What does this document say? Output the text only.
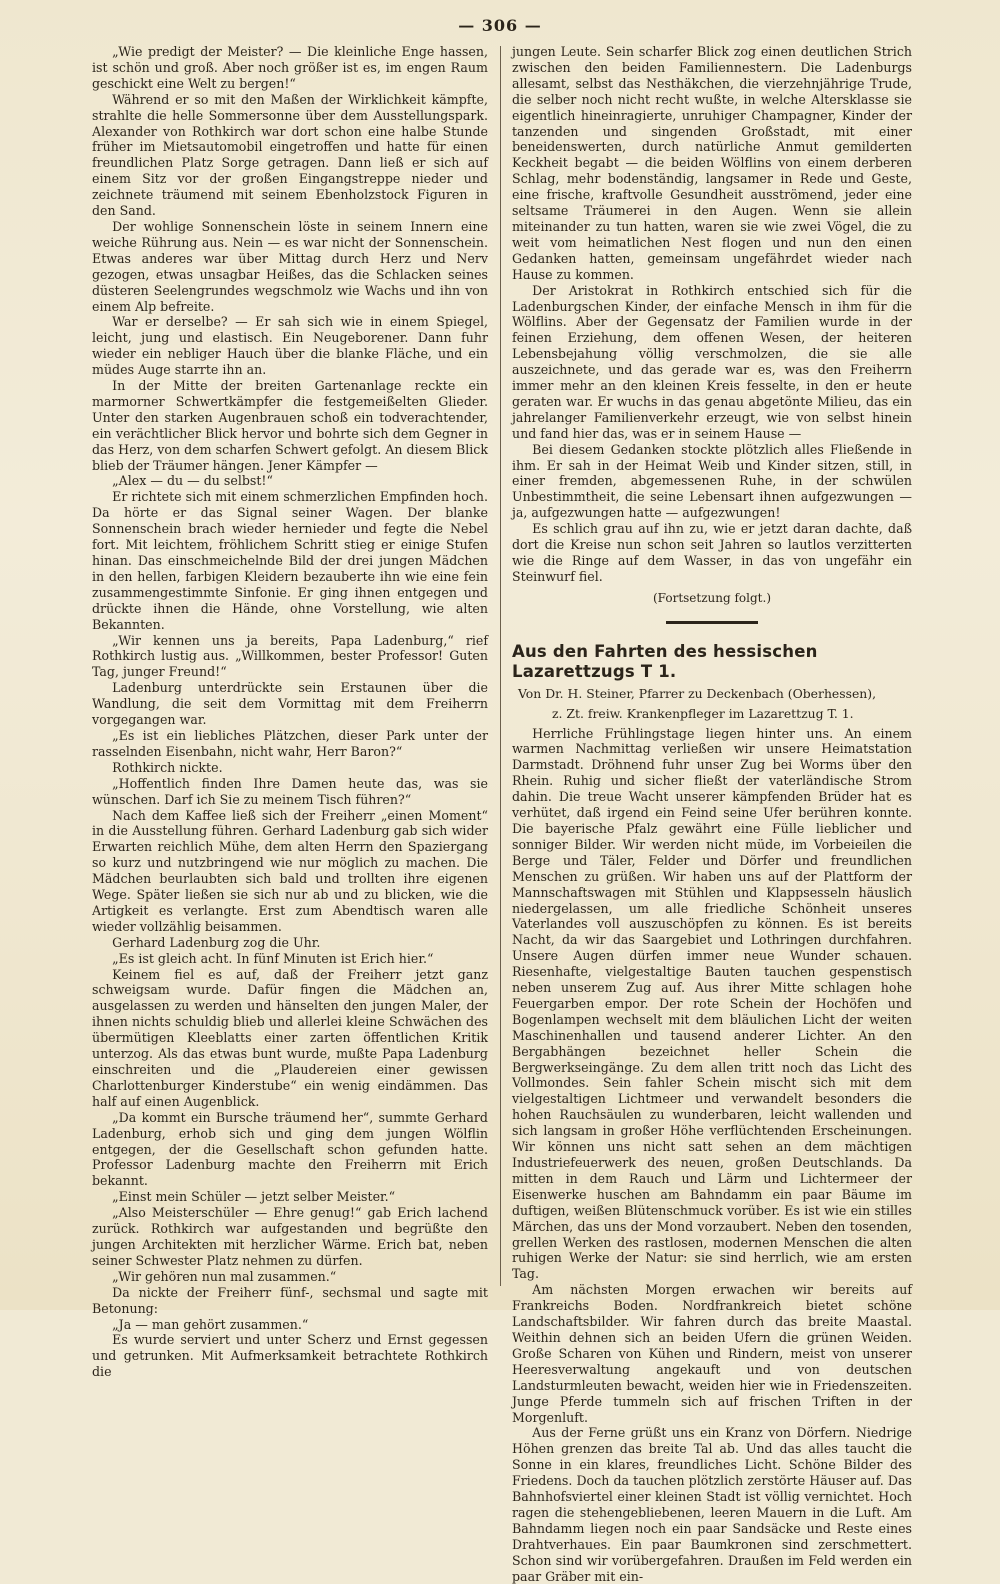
— 306 —

„Wie predigt der Meister? — Die kleinliche Enge hassen, ist schön und groß. Aber noch größer ist es, im engen Raum geschickt eine Welt zu bergen!“

Während er so mit den Maßen der Wirklichkeit kämpfte, strahlte die helle Sommersonne über dem Ausstellungspark. Alexander von Rothkirch war dort schon eine halbe Stunde früher im Mietsautomobil eingetroffen und hatte für einen freundlichen Platz Sorge getragen. Dann ließ er sich auf einem Sitz vor der großen Eingangstreppe nieder und zeichnete träumend mit seinem Ebenholzstock Figuren in den Sand.

Der wohlige Sonnenschein löste in seinem Innern eine weiche Rührung aus. Nein — es war nicht der Sonnenschein. Etwas anderes war über Mittag durch Herz und Nerv gezogen, etwas unsagbar Heißes, das die Schlacken seines düsteren Seelengrundes wegschmolz wie Wachs und ihn von einem Alp befreite.

War er derselbe? — Er sah sich wie in einem Spiegel, leicht, jung und elastisch. Ein Neugeborener. Dann fuhr wieder ein nebliger Hauch über die blanke Fläche, und ein müdes Auge starrte ihn an.

In der Mitte der breiten Gartenanlage reckte ein marmorner Schwertkämpfer die festgemeißelten Glieder. Unter den starken Augenbrauen schoß ein todverachtender, ein verächtlicher Blick hervor und bohrte sich dem Gegner in das Herz, von dem scharfen Schwert gefolgt. An diesem Blick blieb der Träumer hängen. Jener Kämpfer —

„Alex — du — du selbst!“

Er richtete sich mit einem schmerzlichen Empfinden hoch. Da hörte er das Signal seiner Wagen. Der blanke Sonnenschein brach wieder hernieder und fegte die Nebel fort. Mit leichtem, fröhlichem Schritt stieg er einige Stufen hinan. Das einschmeichelnde Bild der drei jungen Mädchen in den hellen, farbigen Kleidern bezauberte ihn wie eine fein zusammengestimmte Sinfonie. Er ging ihnen entgegen und drückte ihnen die Hände, ohne Vorstellung, wie alten Bekannten.

„Wir kennen uns ja bereits, Papa Ladenburg,“ rief Rothkirch lustig aus. „Willkommen, bester Professor! Guten Tag, junger Freund!“

Ladenburg unterdrückte sein Erstaunen über die Wandlung, die seit dem Vormittag mit dem Freiherrn vorgegangen war.

„Es ist ein liebliches Plätzchen, dieser Park unter der rasselnden Eisenbahn, nicht wahr, Herr Baron?“

Rothkirch nickte.

„Hoffentlich finden Ihre Damen heute das, was sie wünschen. Darf ich Sie zu meinem Tisch führen?“

Nach dem Kaffee ließ sich der Freiherr „einen Moment“ in die Ausstellung führen. Gerhard Ladenburg gab sich wider Erwarten reichlich Mühe, dem alten Herrn den Spaziergang so kurz und nutzbringend wie nur möglich zu machen. Die Mädchen beurlaubten sich bald und trollten ihre eigenen Wege. Später ließen sie sich nur ab und zu blicken, wie die Artigkeit es verlangte. Erst zum Abendtisch waren alle wieder vollzählig beisammen.

Gerhard Ladenburg zog die Uhr.

„Es ist gleich acht. In fünf Minuten ist Erich hier.“

Keinem fiel es auf, daß der Freiherr jetzt ganz schweigsam wurde. Dafür fingen die Mädchen an, ausgelassen zu werden und hänselten den jungen Maler, der ihnen nichts schuldig blieb und allerlei kleine Schwächen des übermütigen Kleeblatts einer zarten öffentlichen Kritik unterzog. Als das etwas bunt wurde, mußte Papa Ladenburg einschreiten und die „Plaudereien einer gewissen Charlottenburger Kinderstube“ ein wenig eindämmen. Das half auf einen Augenblick.

„Da kommt ein Bursche träumend her“, summte Gerhard Ladenburg, erhob sich und ging dem jungen Wölflin entgegen, der die Gesellschaft schon gefunden hatte. Professor Ladenburg machte den Freiherrn mit Erich bekannt.

„Einst mein Schüler — jetzt selber Meister.“

„Also Meisterschüler — Ehre genug!“ gab Erich lachend zurück. Rothkirch war aufgestanden und begrüßte den jungen Architekten mit herzlicher Wärme. Erich bat, neben seiner Schwester Platz nehmen zu dürfen.

„Wir gehören nun mal zusammen.“

Da nickte der Freiherr fünf-, sechsmal und sagte mit Betonung:

„Ja — man gehört zusammen.“

Es wurde serviert und unter Scherz und Ernst gegessen und getrunken. Mit Aufmerksamkeit betrachtete Rothkirch die

jungen Leute. Sein scharfer Blick zog einen deutlichen Strich zwischen den beiden Familiennestern. Die Ladenburgs allesamt, selbst das Nesthäkchen, die vierzehnjährige Trude, die selber noch nicht recht wußte, in welche Altersklasse sie eigentlich hineinragierte, unruhiger Champagner, Kinder der tanzenden und singenden Großstadt, mit einer beneidenswerten, durch natürliche Anmut gemilderten Keckheit begabt — die beiden Wölflins von einem derberen Schlag, mehr bodenständig, langsamer in Rede und Geste, eine frische, kraftvolle Gesundheit ausströmend, jeder eine seltsame Träumerei in den Augen. Wenn sie allein miteinander zu tun hatten, waren sie wie zwei Vögel, die zu weit vom heimatlichen Nest flogen und nun den einen Gedanken hatten, gemeinsam ungefährdet wieder nach Hause zu kommen.

Der Aristokrat in Rothkirch entschied sich für die Ladenburgschen Kinder, der einfache Mensch in ihm für die Wölflins. Aber der Gegensatz der Familien wurde in der feinen Erziehung, dem offenen Wesen, der heiteren Lebensbejahung völlig verschmolzen, die sie alle auszeichnete, und das gerade war es, was den Freiherrn immer mehr an den kleinen Kreis fesselte, in den er heute geraten war. Er wuchs in das genau abgetönte Milieu, das ein jahrelanger Familienverkehr erzeugt, wie von selbst hinein und fand hier das, was er in seinem Hause —

Bei diesem Gedanken stockte plötzlich alles Fließende in ihm. Er sah in der Heimat Weib und Kinder sitzen, still, in einer fremden, abgemessenen Ruhe, in der schwülen Unbestimmtheit, die seine Lebensart ihnen aufgezwungen — ja, aufgezwungen hatte — aufgezwungen!

Es schlich grau auf ihn zu, wie er jetzt daran dachte, daß dort die Kreise nun schon seit Jahren so lautlos verzitterten wie die Ringe auf dem Wasser, in das von ungefähr ein Steinwurf fiel.

(Fortsetzung folgt.)
Aus den Fahrten des hessischen Lazarettzugs T 1.
Von Dr. H. Steiner, Pfarrer zu Deckenbach (Oberhessen),
z. Zt. freiw. Krankenpfleger im Lazarettzug T. 1.

Herrliche Frühlingstage liegen hinter uns. An einem warmen Nachmittag verließen wir unsere Heimatstation Darmstadt. Dröhnend fuhr unser Zug bei Worms über den Rhein. Ruhig und sicher fließt der vaterländische Strom dahin. Die treue Wacht unserer kämpfenden Brüder hat es verhütet, daß irgend ein Feind seine Ufer berühren konnte. Die bayerische Pfalz gewährt eine Fülle lieblicher und sonniger Bilder. Wir werden nicht müde, im Vorbeieilen die Berge und Täler, Felder und Dörfer und freundlichen Menschen zu grüßen. Wir haben uns auf der Plattform der Mannschaftswagen mit Stühlen und Klappsesseln häuslich niedergelassen, um alle friedliche Schönheit unseres Vaterlandes voll auszuschöpfen zu können. Es ist bereits Nacht, da wir das Saargebiet und Lothringen durchfahren. Unsere Augen dürfen immer neue Wunder schauen. Riesenhafte, vielgestaltige Bauten tauchen gespenstisch neben unserem Zug auf. Aus ihrer Mitte schlagen hohe Feuergarben empor. Der rote Schein der Hochöfen und Bogenlampen wechselt mit dem bläulichen Licht der weiten Maschinenhallen und tausend anderer Lichter. An den Bergabhängen bezeichnet heller Schein die Bergwerkseingänge. Zu dem allen tritt noch das Licht des Vollmondes. Sein fahler Schein mischt sich mit dem vielgestaltigen Lichtmeer und verwandelt besonders die hohen Rauchsäulen zu wunderbaren, leicht wallenden und sich langsam in großer Höhe verflüchtenden Erscheinungen. Wir können uns nicht satt sehen an dem mächtigen Industriefeuerwerk des neuen, großen Deutschlands. Da mitten in dem Rauch und Lärm und Lichtermeer der Eisenwerke huschen am Bahndamm ein paar Bäume im duftigen, weißen Blütenschmuck vorüber. Es ist wie ein stilles Märchen, das uns der Mond vorzaubert. Neben den tosenden, grellen Werken des rastlosen, modernen Menschen die alten ruhigen Werke der Natur: sie sind herrlich, wie am ersten Tag.

Am nächsten Morgen erwachen wir bereits auf Frankreichs Boden. Nordfrankreich bietet schöne Landschaftsbilder. Wir fahren durch das breite Maastal. Weithin dehnen sich an beiden Ufern die grünen Weiden. Große Scharen von Kühen und Rindern, meist von unserer Heeresverwaltung angekauft und von deutschen Landsturmleuten bewacht, weiden hier wie in Friedenszeiten. Junge Pferde tummeln sich auf frischen Triften in der Morgenluft.

Aus der Ferne grüßt uns ein Kranz von Dörfern. Niedrige Höhen grenzen das breite Tal ab. Und das alles taucht die Sonne in ein klares, freundliches Licht. Schöne Bilder des Friedens. Doch da tauchen plötzlich zerstörte Häuser auf. Das Bahnhofsviertel einer kleinen Stadt ist völlig vernichtet. Hoch ragen die stehengebliebenen, leeren Mauern in die Luft. Am Bahndamm liegen noch ein paar Sandsäcke und Reste eines Drahtverhaues. Ein paar Baumkronen sind zerschmettert. Schon sind wir vorübergefahren. Draußen im Feld werden ein paar Gräber mit ein-
